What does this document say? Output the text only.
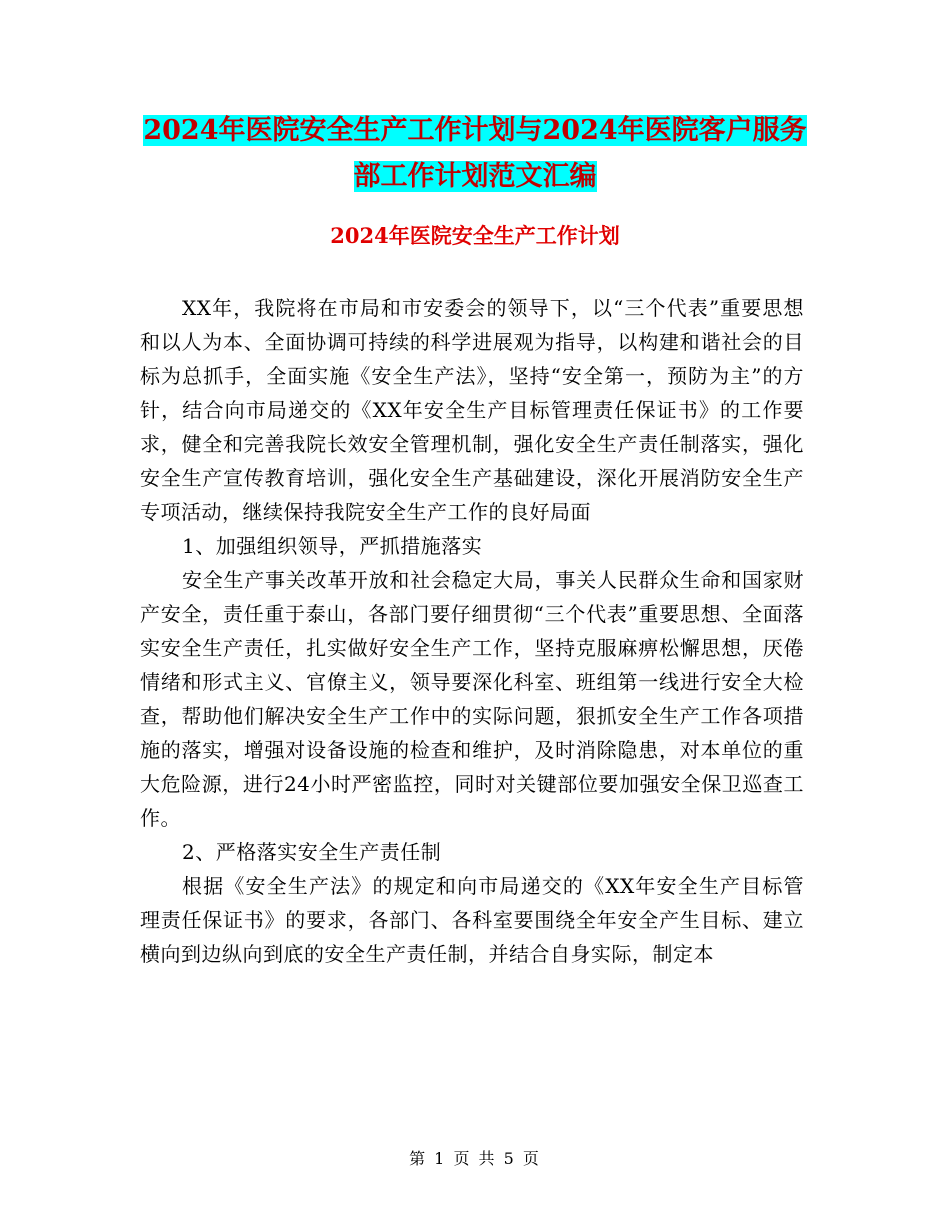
2024年医院安全生产工作计划与2024年医院客户服务
部工作计划范文汇编
2024年医院安全生产工作计划

XX年，我院将在市局和市安委会的领导下，以“三个代表”重要思想和以人为本、全面协调可持续的科学进展观为指导，以构建和谐社会的目标为总抓手，全面实施《安全生产法》，坚持“安全第一，预防为主”的方针，结合向市局递交的《XX年安全生产目标管理责任保证书》的工作要求，健全和完善我院长效安全管理机制，强化安全生产责任制落实，强化安全生产宣传教育培训，强化安全生产基础建设，深化开展消防安全生产专项活动，继续保持我院安全生产工作的良好局面

1、加强组织领导，严抓措施落实

安全生产事关改革开放和社会稳定大局，事关人民群众生命和国家财产安全，责任重于泰山，各部门要仔细贯彻“三个代表”重要思想、全面落实安全生产责任，扎实做好安全生产工作，坚持克服麻痹松懈思想，厌倦情绪和形式主义、官僚主义，领导要深化科室、班组第一线进行安全大检查，帮助他们解决安全生产工作中的实际问题，狠抓安全生产工作各项措施的落实，增强对设备设施的检查和维护，及时消除隐患，对本单位的重大危险源，进行24小时严密监控，同时对关键部位要加强安全保卫巡查工作。

2、严格落实安全生产责任制

根据《安全生产法》的规定和向市局递交的《XX年安全生产目标管理责任保证书》的要求，各部门、各科室要围绕全年安全产生目标、建立横向到边纵向到底的安全生产责任制，并结合自身实际，制定本

第 1 页 共 5 页
